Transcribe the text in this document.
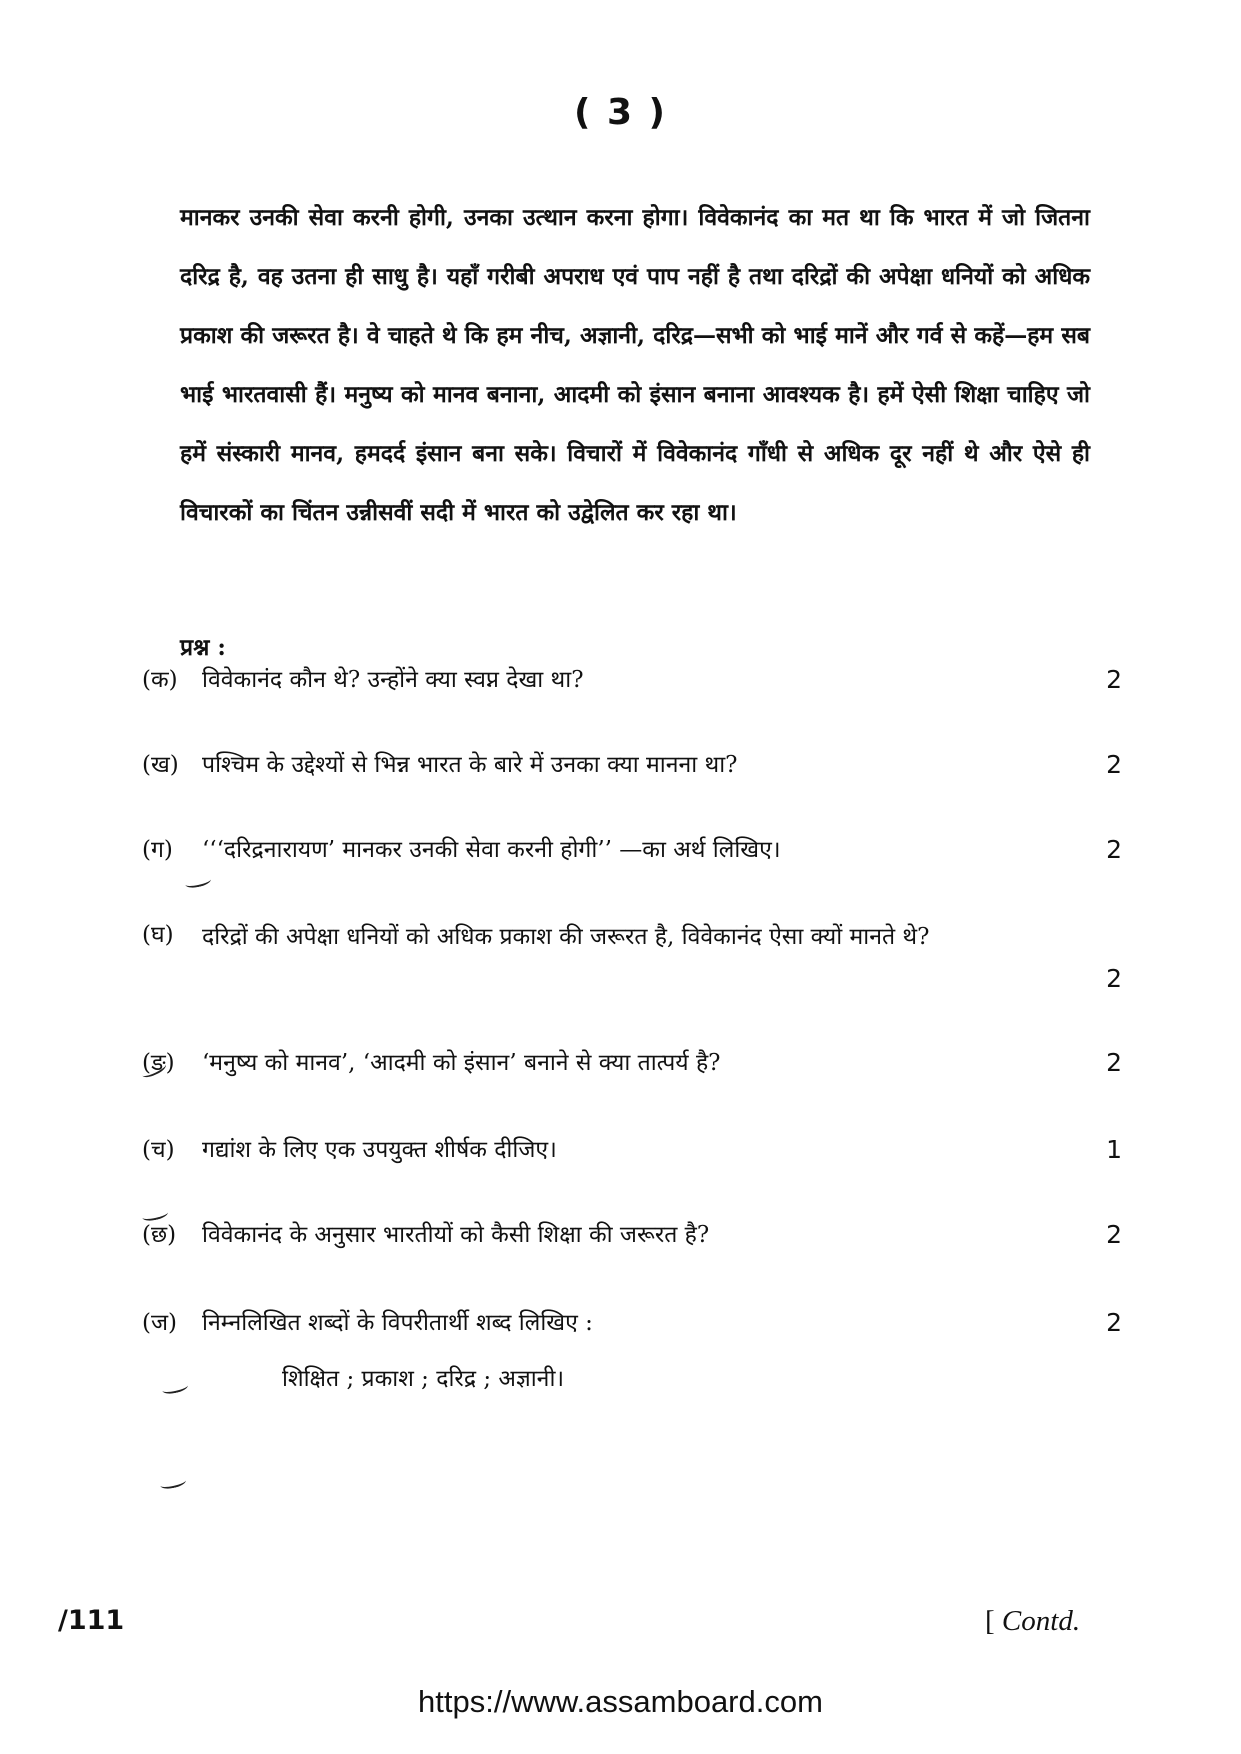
( 3 )

मानकर उनकी सेवा करनी होगी, उनका उत्थान करना होगा। विवेकानंद का मत था कि भारत में जो जितना दरिद्र है, वह उतना ही साधु है। यहाँ गरीबी अपराध एवं पाप नहीं है तथा दरिद्रों की अपेक्षा धनियों को अधिक प्रकाश की जरूरत है। वे चाहते थे कि हम नीच, अज्ञानी, दरिद्र—सभी को भाई मानें और गर्व से कहें—हम सब भाई भारतवासी हैं। मनुष्य को मानव बनाना, आदमी को इंसान बनाना आवश्यक है। हमें ऐसी शिक्षा चाहिए जो हमें संस्कारी मानव, हमदर्द इंसान बना सके। विचारों में विवेकानंद गाँधी से अधिक दूर नहीं थे और ऐसे ही विचारकों का चिंतन उन्नीसवीं सदी में भारत को उद्वेलित कर रहा था।

प्रश्न :

(क) विवेकानंद कौन थे? उन्होंने क्या स्वप्न देखा था?	2
(ख) पश्चिम के उद्देश्यों से भिन्न भारत के बारे में उनका क्या मानना था?	2
(ग) ‘‘‘दरिद्रनारायण’ मानकर उनकी सेवा करनी होगी’’ —का अर्थ लिखिए।	2
(घ) दरिद्रों की अपेक्षा धनियों को अधिक प्रकाश की जरूरत है, विवेकानंद ऐसा क्यों मानते थे?
2
(ङ) ‘मनुष्य को मानव’, ‘आदमी को इंसान’ बनाने से क्या तात्पर्य है?	2
(च) गद्यांश के लिए एक उपयुक्त शीर्षक दीजिए।	1
(छ) विवेकानंद के अनुसार भारतीयों को कैसी शिक्षा की जरूरत है?	2
(ज) निम्नलिखित शब्दों के विपरीतार्थी शब्द लिखिए :	2
शिक्षित ; प्रकाश ; दरिद्र ; अज्ञानी।
/111	[ Contd.
https://www.assamboard.com
